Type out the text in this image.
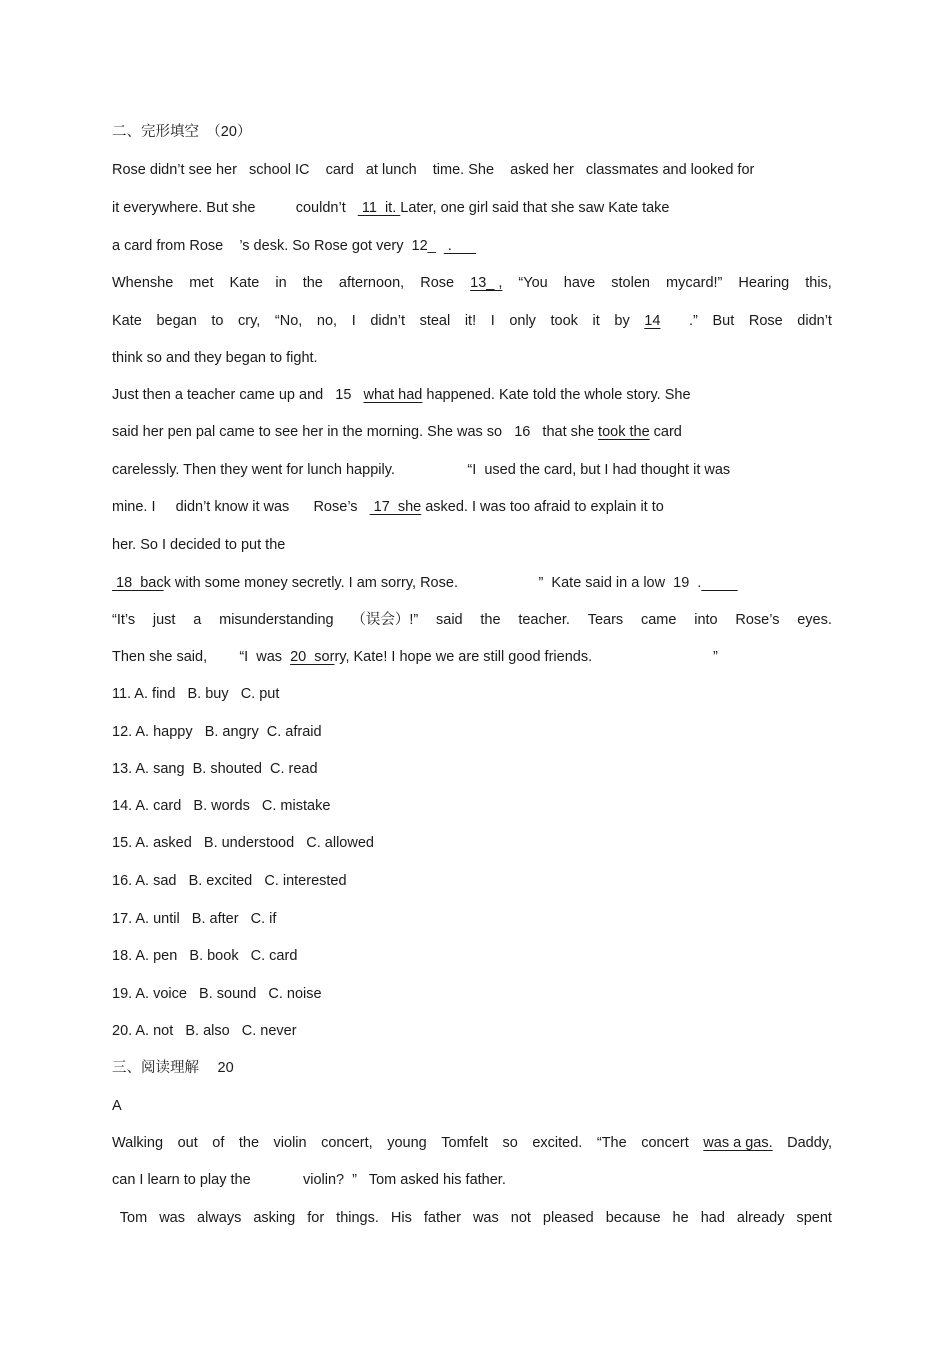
二、完形填空　（20）
Rose didn’t see her   school IC    card   at lunch    time. She    asked her   classmates and looked for
it everywhere. But she          couldn’t    11  it. Later, one girl said that she saw Kate take
a card from Rose    ’s desk. So Rose got very  12_   .
Whenshe met Kate in the afternoon, Rose 13_ , “You have stolen mycard!” Hearing this,
Kate began to cry, “No, no, I didn’t steal it! I only took it by 14	.” But Rose didn’t
think so and they began to fight.
Just then a teacher came up and   15   what had happened. Kate told the whole story. She
said her pen pal came to see her in the morning. She was so   16   that she took the card
carelessly. Then they went for lunch happily.                  “I  used the card, but I had thought it was
mine. I     didn’t know it was      Rose’s    17  she asked. I was too afraid to explain it to
her. So I decided to put the
18  back with some money secretly. I am sorry, Rose.                    ”  Kate said in a low  19  .
“It’s just a misunderstanding （误会）!” said the teacher. Tears came into Rose’s eyes.
Then she said,        “I  was  20  sorry, Kate! I hope we are still good friends.                              ”
11. A. find   B. buy   C. put
12. A. happy   B. angry  C. afraid
13. A. sang  B. shouted  C. read
14. A. card   B. words   C. mistake
15. A. asked   B. understood   C. allowed
16. A. sad   B. excited   C. interested
17. A. until   B. after   C. if
18. A. pen   B. book   C. card
19. A. voice   B. sound   C. noise
20. A. not   B. also   C. never
三、阅读理解　 20
A
Walking out of the violin concert, young Tomfelt so excited. “The concert was a gas. Daddy,
can I learn to play the             violin?  ”   Tom asked his father.
Tom was always asking for things. His father was not pleased because he had already spent
